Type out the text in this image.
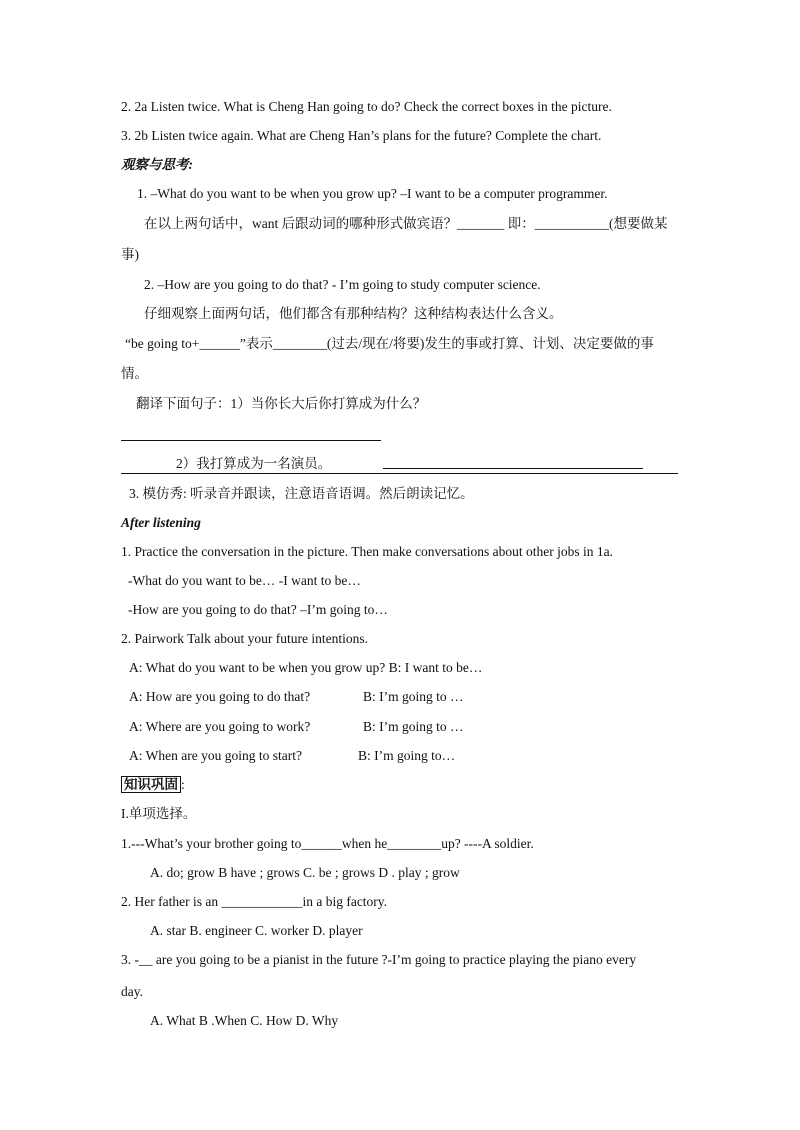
2. 2a Listen twice. What is Cheng Han going to do? Check the correct boxes in the picture.
3. 2b Listen twice again. What are Cheng Han’s plans for the future? Complete the chart.
观察与思考:
1. –What do you want to be when you grow up? –I want to be a computer programmer.
在以上两句话中，want 后跟动词的哪种形式做宾语？_______ 即：___________(想要做某
事)
2. –How are you going to do that? - I’m going to study computer science.
仔细观察上面两句话，他们都含有那种结构？这种结构表达什么含义。
“be going to+______”表示________(过去/现在/将要)发生的事或打算、计划、决定要做的事
情。
翻译下面句子：1）当你长大后你打算成为什么？
2）我打算成为一名演员。
3. 模仿秀: 听录音并跟读，注意语音语调。然后朗读记忆。
After listening
1. Practice the conversation in the picture. Then make conversations about other jobs in 1a.
-What do you want to be… -I want to be…
-How are you going to do that? –I’m going to…
2. Pairwork Talk about your future intentions.
A: What do you want to be when you grow up? B: I want to be…
A: How are you going to do that?	B: I’m going to …
A: Where are you going to work?	B: I’m going to …
A: When are you going to start?	B: I’m going to…
知识巩固 :
I.单项选择。
1.---What’s your brother going to______when he________up? ----A soldier.
A. do; grow B have ; grows C. be ; grows D . play ; grow
2. Her father is an ____________in a big factory.
A. star B. engineer C. worker D. player
3. -__ are you going to be a pianist in the future ?-I’m going to practice playing the piano every
day.
A. What B .When C. How D. Why
